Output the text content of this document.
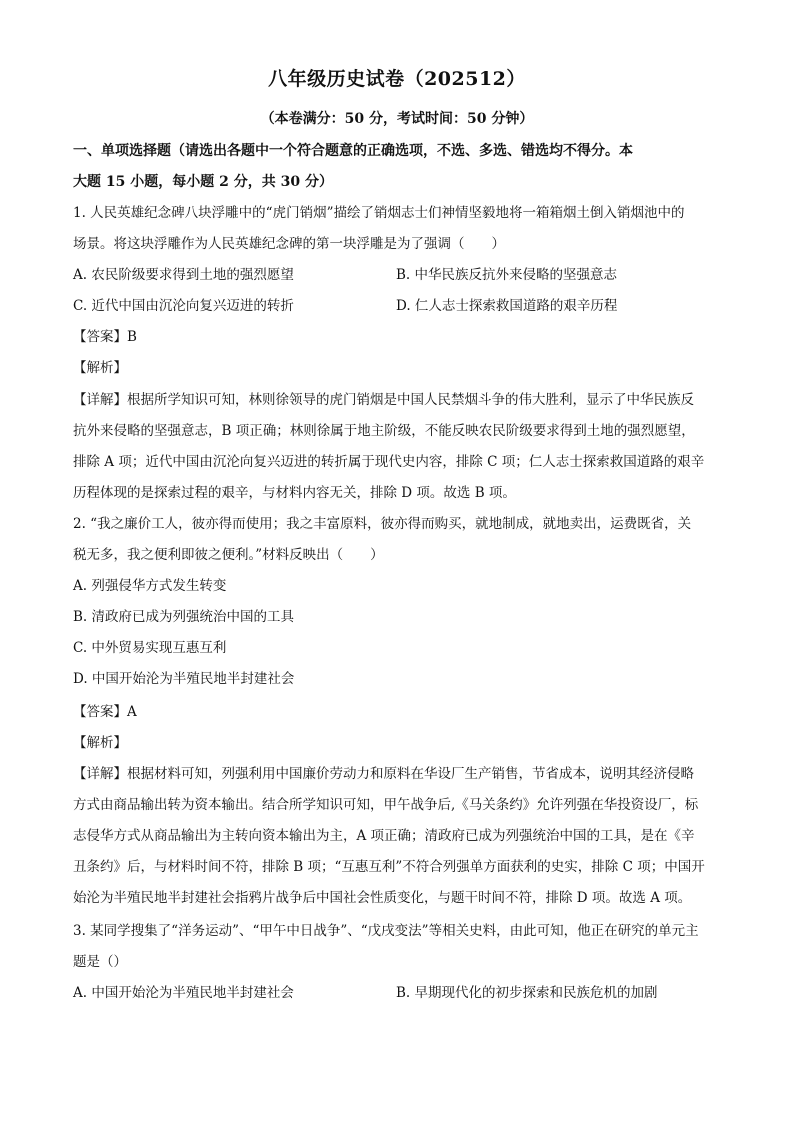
八年级历史试卷（202512）
（本卷满分：50 分，考试时间：50 分钟）
一、单项选择题（请选出各题中一个符合题意的正确选项，不选、多选、错选均不得分。本
大题 15 小题，每小题 2 分，共 30 分）
1. 人民英雄纪念碑八块浮雕中的“虎门销烟”描绘了销烟志士们神情坚毅地将一箱箱烟土倒入销烟池中的
场景。将这块浮雕作为人民英雄纪念碑的第一块浮雕是为了强调（　　）
A. 农民阶级要求得到土地的强烈愿望	B. 中华民族反抗外来侵略的坚强意志
C. 近代中国由沉沦向复兴迈进的转折	D. 仁人志士探索救国道路的艰辛历程
【答案】B
【解析】
【详解】根据所学知识可知，林则徐领导的虎门销烟是中国人民禁烟斗争的伟大胜利，显示了中华民族反
抗外来侵略的坚强意志，B 项正确；林则徐属于地主阶级，不能反映农民阶级要求得到土地的强烈愿望，
排除 A 项；近代中国由沉沦向复兴迈进的转折属于现代史内容，排除 C 项；仁人志士探索救国道路的艰辛
历程体现的是探索过程的艰辛，与材料内容无关，排除 D 项。故选 B 项。
2. “我之廉价工人，彼亦得而使用；我之丰富原料，彼亦得而购买，就地制成，就地卖出，运费既省，关
税无多，我之便利即彼之便利。”材料反映出（　　）
A. 列强侵华方式发生转变
B. 清政府已成为列强统治中国的工具
C. 中外贸易实现互惠互利
D. 中国开始沦为半殖民地半封建社会
【答案】A
【解析】
【详解】根据材料可知，列强利用中国廉价劳动力和原料在华设厂生产销售，节省成本，说明其经济侵略
方式由商品输出转为资本输出。结合所学知识可知，甲午战争后,《马关条约》允许列强在华投资设厂，标
志侵华方式从商品输出为主转向资本输出为主，A 项正确；清政府已成为列强统治中国的工具，是在《辛
丑条约》后，与材料时间不符，排除 B 项；“互惠互利”不符合列强单方面获利的史实，排除 C 项；中国开
始沦为半殖民地半封建社会指鸦片战争后中国社会性质变化，与题干时间不符，排除 D 项。故选 A 项。
3. 某同学搜集了“洋务运动”、“甲午中日战争”、“戊戌变法”等相关史料，由此可知，他正在研究的单元主
题是（）
A. 中国开始沦为半殖民地半封建社会	B. 早期现代化的初步探索和民族危机的加剧
